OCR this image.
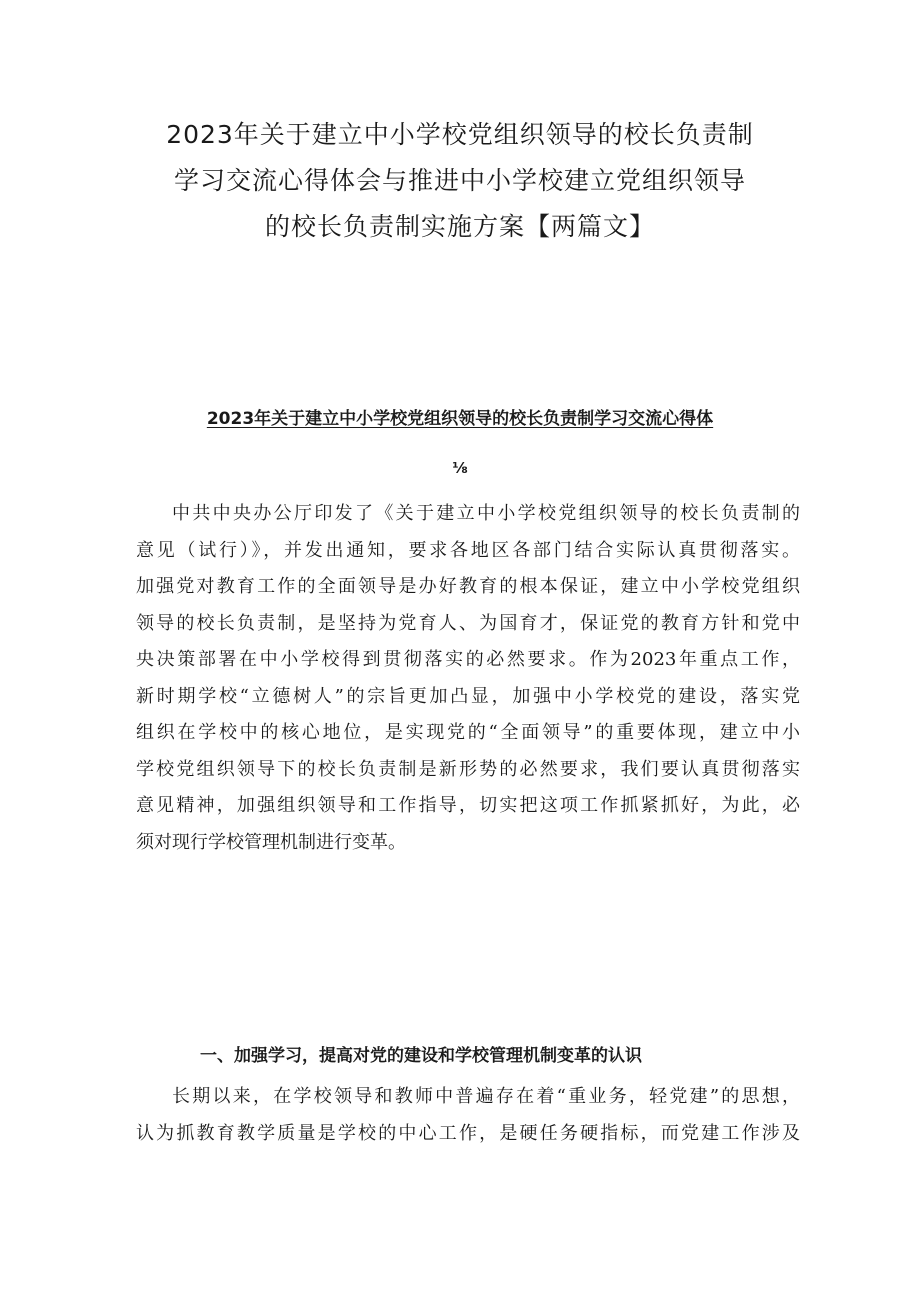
2023年关于建立中小学校党组织领导的校长负责制
学习交流心得体会与推进中小学校建立党组织领导
的校长负责制实施方案【两篇文】
2023年关于建立中小学校党组织领导的校长负责制学习交流心得体
⅛

中共中央办公厅印发了《关于建立中小学校党组织领导的校长负责制的
意见（试行）》，并发出通知，要求各地区各部门结合实际认真贯彻落实。
加强党对教育工作的全面领导是办好教育的根本保证，建立中小学校党组织
领导的校长负责制，是坚持为党育人、为国育才，保证党的教育方针和党中
央决策部署在中小学校得到贯彻落实的必然要求。作为2023年重点工作，
新时期学校“立德树人”的宗旨更加凸显，加强中小学校党的建设，落实党
组织在学校中的核心地位，是实现党的“全面领导”的重要体现，建立中小
学校党组织领导下的校长负责制是新形势的必然要求，我们要认真贯彻落实
意见精神，加强组织领导和工作指导，切实把这项工作抓紧抓好，为此，必
须对现行学校管理机制进行变革。

一、加强学习，提高对党的建设和学校管理机制变革的认识

长期以来，在学校领导和教师中普遍存在着“重业务，轻党建”的思想，
认为抓教育教学质量是学校的中心工作，是硬任务硬指标，而党建工作涉及
